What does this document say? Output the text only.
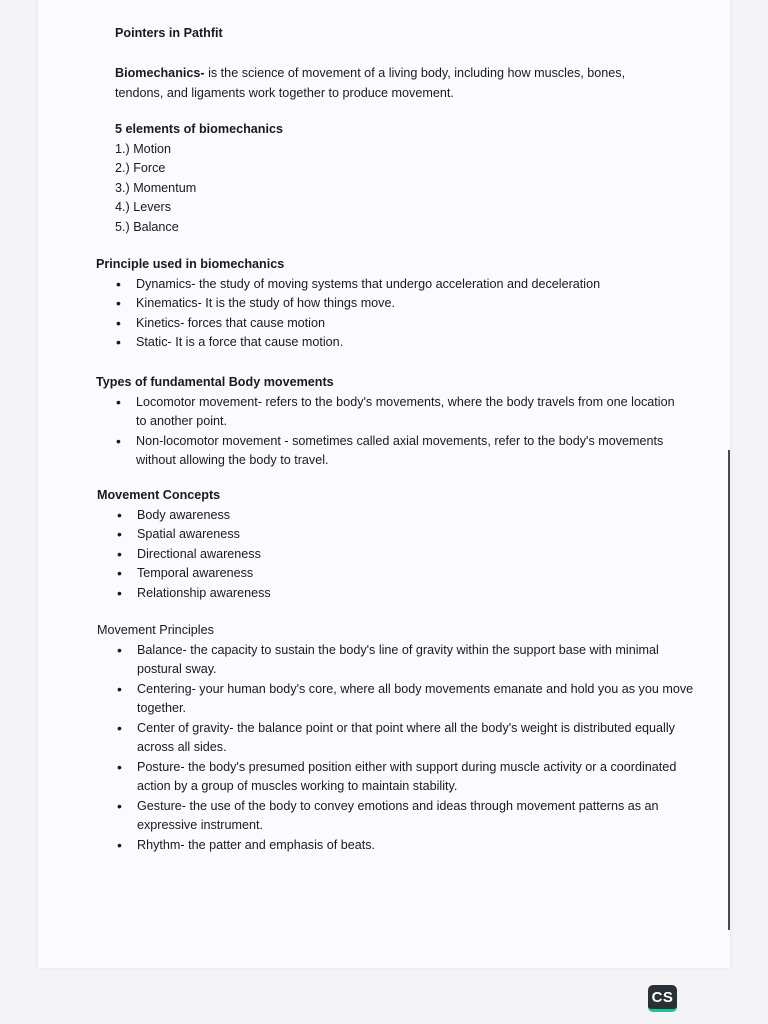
Pointers in Pathfit
Biomechanics- is the science of movement of a living body, including how muscles, bones, tendons, and ligaments work together to produce movement.
5 elements of biomechanics
1.) Motion
2.) Force
3.) Momentum
4.) Levers
5.) Balance
Principle used in biomechanics
• Dynamics- the study of moving systems that undergo acceleration and deceleration
• Kinematics- It is the study of how things move.
• Kinetics- forces that cause motion
• Static- It is a force that cause motion.
Types of fundamental Body movements
• Locomotor movement- refers to the body's movements, where the body travels from one location to another point.
• Non-locomotor movement - sometimes called axial movements, refer to the body's movements without allowing the body to travel.
Movement Concepts
• Body awareness
• Spatial awareness
• Directional awareness
• Temporal awareness
• Relationship awareness
Movement Principles
• Balance- the capacity to sustain the body's line of gravity within the support base with minimal postural sway.
• Centering- your human body's core, where all body movements emanate and hold you as you move together.
• Center of gravity- the balance point or that point where all the body's weight is distributed equally across all sides.
• Posture- the body's presumed position either with support during muscle activity or a coordinated action by a group of muscles working to maintain stability.
• Gesture- the use of the body to convey emotions and ideas through movement patterns as an expressive instrument.
• Rhythm- the patter and emphasis of beats.
CS
